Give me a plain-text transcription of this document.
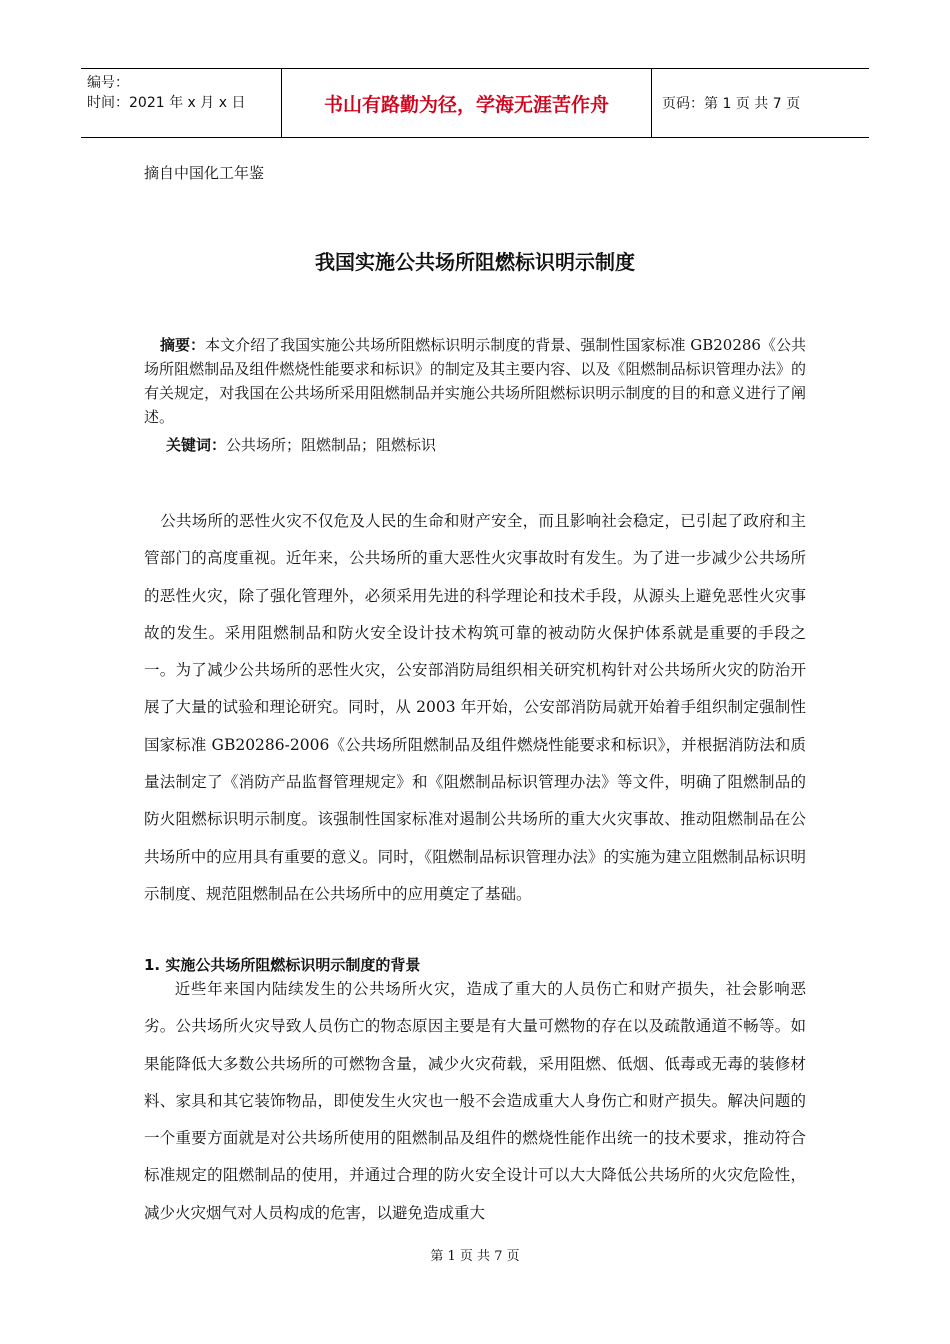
编号：
时间：2021 年 x 月 x 日	书山有路勤为径，学海无涯苦作舟	页码：第 1 页 共 7 页
摘自中国化工年鉴
我国实施公共场所阻燃标识明示制度
摘要：本文介绍了我国实施公共场所阻燃标识明示制度的背景、强制性国家标准 GB20286《公共场所阻燃制品及组件燃烧性能要求和标识》的制定及其主要内容、以及《阻燃制品标识管理办法》的有关规定，对我国在公共场所采用阻燃制品并实施公共场所阻燃标识明示制度的目的和意义进行了阐述。
关键词：公共场所；阻燃制品；阻燃标识
公共场所的恶性火灾不仅危及人民的生命和财产安全，而且影响社会稳定，已引起了政府和主管部门的高度重视。近年来，公共场所的重大恶性火灾事故时有发生。为了进一步减少公共场所的恶性火灾，除了强化管理外，必须采用先进的科学理论和技术手段，从源头上避免恶性火灾事故的发生。采用阻燃制品和防火安全设计技术构筑可靠的被动防火保护体系就是重要的手段之一。为了减少公共场所的恶性火灾，公安部消防局组织相关研究机构针对公共场所火灾的防治开展了大量的试验和理论研究。同时，从 2003 年开始，公安部消防局就开始着手组织制定强制性国家标准 GB20286-2006《公共场所阻燃制品及组件燃烧性能要求和标识》，并根据消防法和质量法制定了《消防产品监督管理规定》和《阻燃制品标识管理办法》等文件，明确了阻燃制品的防火阻燃标识明示制度。该强制性国家标准对遏制公共场所的重大火灾事故、推动阻燃制品在公共场所中的应用具有重要的意义。同时，《阻燃制品标识管理办法》的实施为建立阻燃制品标识明示制度、规范阻燃制品在公共场所中的应用奠定了基础。
1. 实施公共场所阻燃标识明示制度的背景
近些年来国内陆续发生的公共场所火灾，造成了重大的人员伤亡和财产损失，社会影响恶劣。公共场所火灾导致人员伤亡的物态原因主要是有大量可燃物的存在以及疏散通道不畅等。如果能降低大多数公共场所的可燃物含量，减少火灾荷载，采用阻燃、低烟、低毒或无毒的装修材料、家具和其它装饰物品，即使发生火灾也一般不会造成重大人身伤亡和财产损失。解决问题的一个重要方面就是对公共场所使用的阻燃制品及组件的燃烧性能作出统一的技术要求，推动符合标准规定的阻燃制品的使用，并通过合理的防火安全设计可以大大降低公共场所的火灾危险性，减少火灾烟气对人员构成的危害，以避免造成重大
第 1 页 共 7 页
